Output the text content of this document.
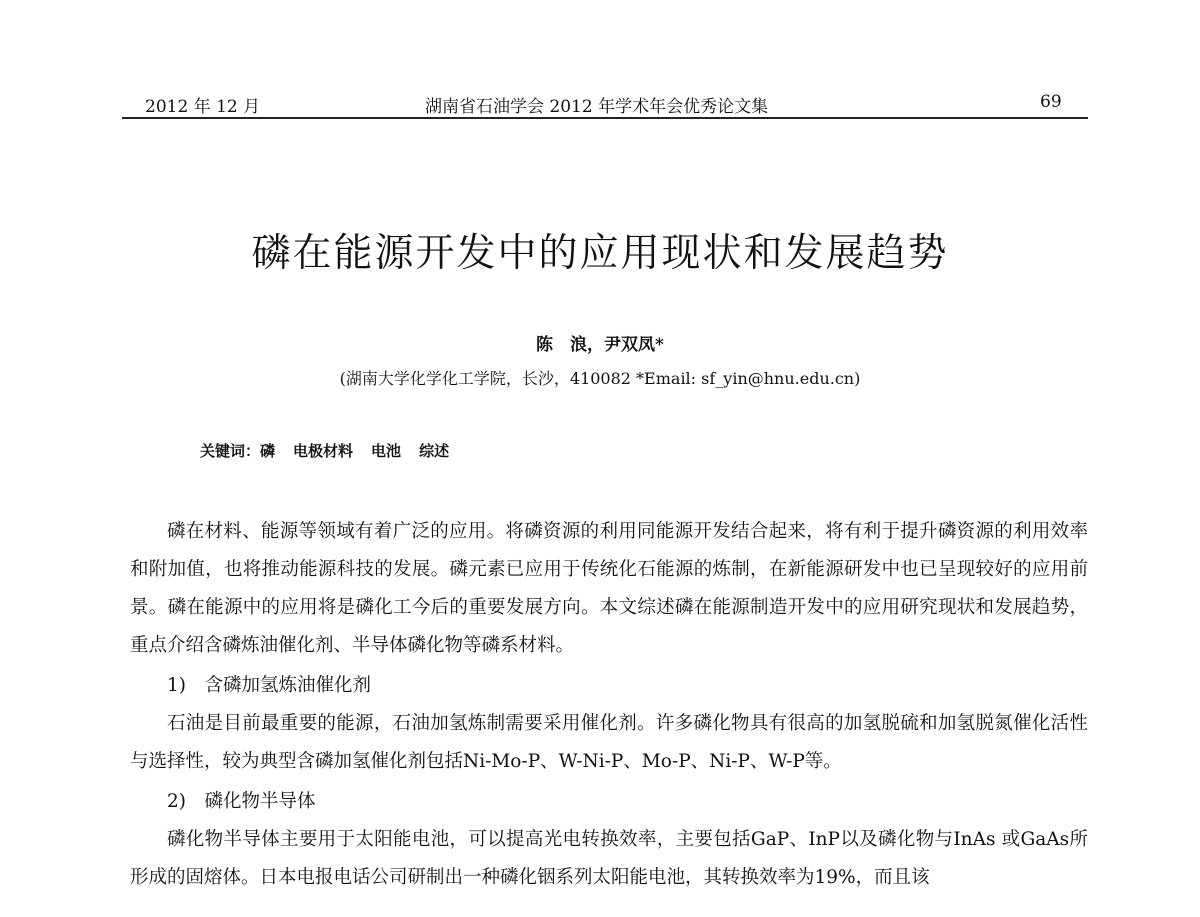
2012 年 12 月	湖南省石油学会 2012 年学术年会优秀论文集	69
磷在能源开发中的应用现状和发展趋势
陈　浪，尹双凤*
(湖南大学化学化工学院，长沙，410082 *Email: sf_yin@hnu.edu.cn)
关键词：磷 电极材料 电池 综述

磷在材料、能源等领域有着广泛的应用。将磷资源的利用同能源开发结合起来，将有利于提升磷资源的利用效率和附加值，也将推动能源科技的发展。磷元素已应用于传统化石能源的炼制，在新能源研发中也已呈现较好的应用前景。磷在能源中的应用将是磷化工今后的重要发展方向。本文综述磷在能源制造开发中的应用研究现状和发展趋势，重点介绍含磷炼油催化剂、半导体磷化物等磷系材料。

1)　含磷加氢炼油催化剂

石油是目前最重要的能源，石油加氢炼制需要采用催化剂。许多磷化物具有很高的加氢脱硫和加氢脱氮催化活性与选择性，较为典型含磷加氢催化剂包括Ni-Mo-P、W-Ni-P、Mo-P、Ni-P、W-P等。

2)　磷化物半导体

磷化物半导体主要用于太阳能电池，可以提高光电转换效率，主要包括GaP、InP以及磷化物与InAs 或GaAs所形成的固熔体。日本电报电话公司研制出一种磷化铟系列太阳能电池，其转换效率为19%，而且该
